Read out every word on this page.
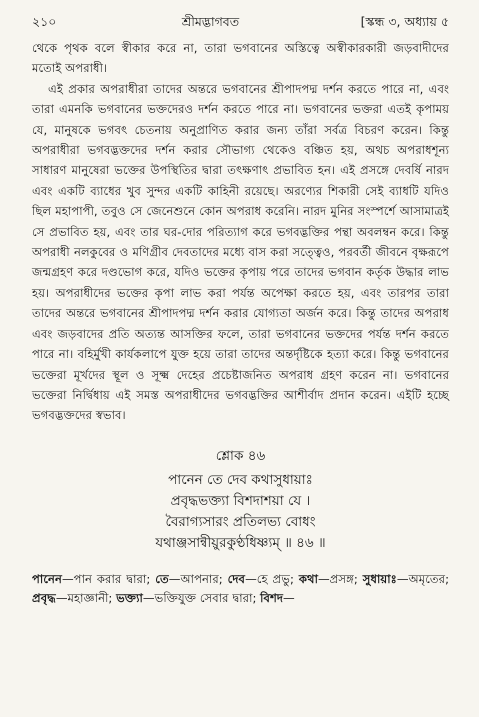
২১০	শ্রীমদ্ভাগবত	[স্কন্ধ ৩, অধ্যায় ৫

থেকে পৃথক বলে স্বীকার করে না, তারা ভগবানের অস্তিত্বে অস্বীকারকারী জড়বাদীদের মতোই অপরাধী।

এই প্রকার অপরাধীরা তাদের অন্তরে ভগবানের শ্রীপাদপদ্ম দর্শন করতে পারে না, এবং তারা এমনকি ভগবানের ভক্তদেরও দর্শন করতে পারে না। ভগবানের ভক্তরা এতই কৃপাময় যে, মানুষকে ভগবৎ চেতনায় অনুপ্রাণিত করার জন্য তাঁরা সর্বত্র বিচরণ করেন। কিন্তু অপরাধীরা ভগবদ্ভক্তদের দর্শন করার সৌভাগ্য থেকেও বঞ্চিত হয়, অথচ অপরাধশূন্য সাধারণ মানুষেরা ভক্তের উপস্থিতির দ্বারা তৎক্ষণাৎ প্রভাবিত হন। এই প্রসঙ্গে দেবর্ষি নারদ এবং একটি ব্যাধের খুব সুন্দর একটি কাহিনী রয়েছে। অরণ্যের শিকারী সেই ব্যাধটি যদিও ছিল মহাপাপী, তবুও সে জেনেশুনে কোন অপরাধ করেনি। নারদ মুনির সংস্পর্শে আসামাত্রই সে প্রভাবিত হয়, এবং তার ঘর-দোর পরিত্যাগ করে ভগবদ্ভক্তির পন্থা অবলম্বন করে। কিন্তু অপরাধী নলকুবের ও মণিগ্রীব দেবতাদের মধ্যে বাস করা সত্ত্বেও, পরবর্তী জীবনে বৃক্ষরূপে জন্মগ্রহণ করে দণ্ডভোগ করে, যদিও ভক্তের কৃপায় পরে তাদের ভগবান কর্তৃক উদ্ধার লাভ হয়। অপরাধীদের ভক্তের কৃপা লাভ করা পর্যন্ত অপেক্ষা করতে হয়, এবং তারপর তারা তাদের অন্তরে ভগবানের শ্রীপাদপদ্ম দর্শন করার যোগ্যতা অর্জন করে। কিন্তু তাদের অপরাধ এবং জড়বাদের প্রতি অত্যন্ত আসক্তির ফলে, তারা ভগবানের ভক্তদের পর্যন্ত দর্শন করতে পারে না। বহির্মুখী কার্যকলাপে যুক্ত হয়ে তারা তাদের অন্তর্দৃষ্টিকে হত্যা করে। কিন্তু ভগবানের ভক্তেরা মূর্খদের স্থূল ও সূক্ষ্ম দেহের প্রচেষ্টাজনিত অপরাধ গ্রহণ করেন না। ভগবানের ভক্তেরা নির্দ্বিধায় এই সমস্ত অপরাধীদের ভগবদ্ভক্তির আশীর্বাদ প্রদান করেন। এইটি হচ্ছে ভগবদ্ভক্তদের স্বভাব।

শ্লোক ৪৬
পানেন তে দেব কথাসুধায়াঃ
প্রবৃদ্ধভক্ত্যা বিশদাশয়া যে ।
বৈরাগ্যসারং প্রতিলভ্য বোধং
যথাঞ্জসান্বীয়ুরকুণ্ঠধিষ্ণ্যম্ ॥ ৪৬ ॥
পানেন—পান করার দ্বারা; তে—আপনার; দেব—হে প্রভু; কথা—প্রসঙ্গ; সুধায়াঃ—অমৃতের; প্রবৃদ্ধ—মহাজ্ঞানী; ভক্ত্যা—ভক্তিযুক্ত সেবার দ্বারা; বিশদ—
